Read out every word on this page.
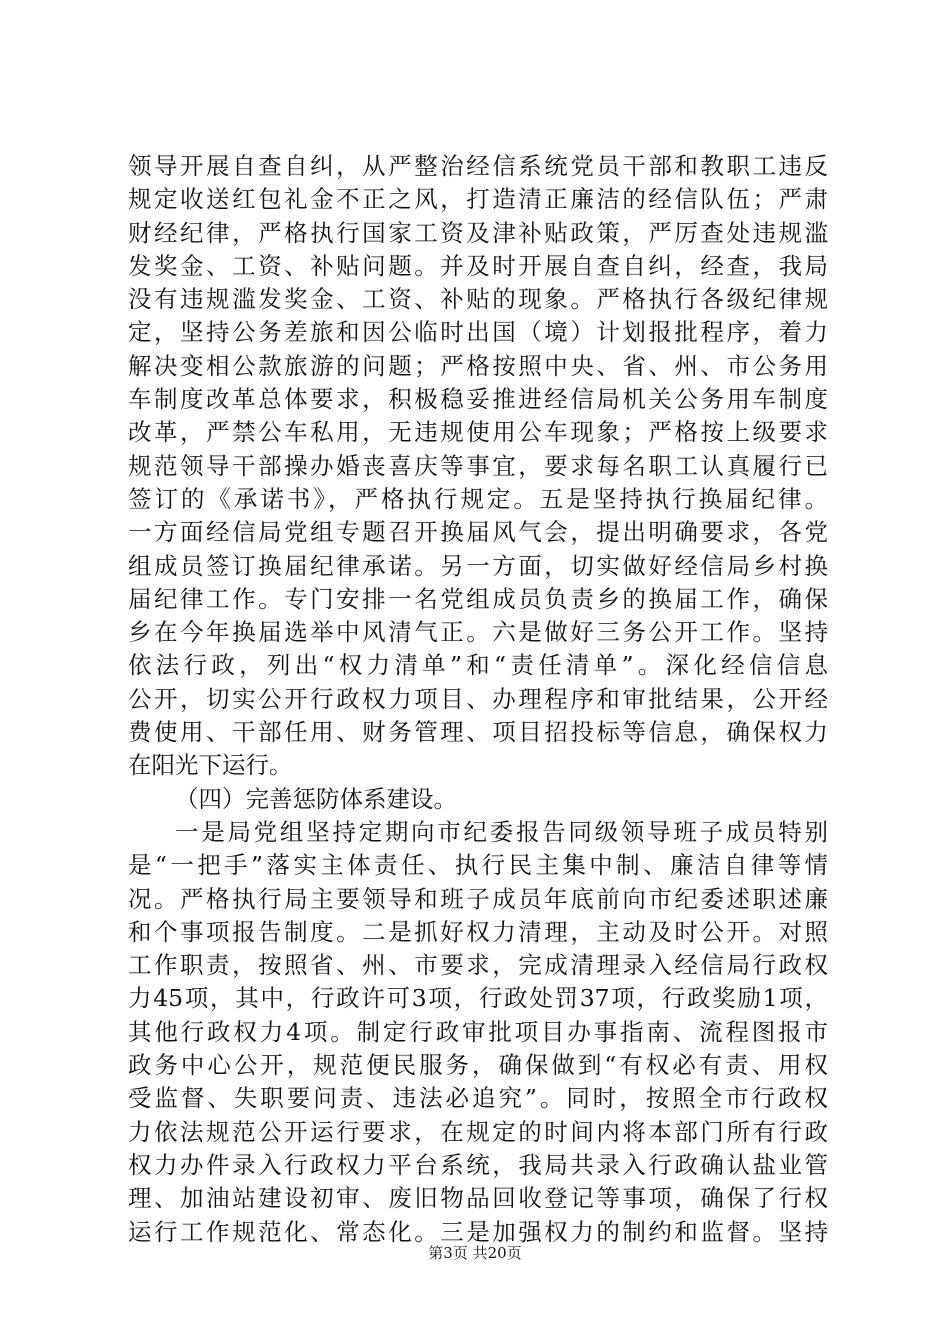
领导开展自查自纠，从严整治经信系统党员干部和教职工违反
规定收送红包礼金不正之风，打造清正廉洁的经信队伍；严肃
财经纪律，严格执行国家工资及津补贴政策，严厉查处违规滥
发奖金、工资、补贴问题。并及时开展自查自纠，经查，我局
没有违规滥发奖金、工资、补贴的现象。严格执行各级纪律规
定，坚持公务差旅和因公临时出国（境）计划报批程序，着力
解决变相公款旅游的问题；严格按照中央、省、州、市公务用
车制度改革总体要求，积极稳妥推进经信局机关公务用车制度
改革，严禁公车私用，无违规使用公车现象；严格按上级要求
规范领导干部操办婚丧喜庆等事宜，要求每名职工认真履行已
签订的《承诺书》，严格执行规定。五是坚持执行换届纪律。
一方面经信局党组专题召开换届风气会，提出明确要求，各党
组成员签订换届纪律承诺。另一方面，切实做好经信局乡村换
届纪律工作。专门安排一名党组成员负责乡的换届工作，确保
乡在今年换届选举中风清气正。六是做好三务公开工作。坚持
依法行政，列出“权力清单”和“责任清单”。深化经信信息
公开，切实公开行政权力项目、办理程序和审批结果，公开经
费使用、干部任用、财务管理、项目招投标等信息，确保权力
在阳光下运行。
（四）完善惩防体系建设。
一是局党组坚持定期向市纪委报告同级领导班子成员特别
是“一把手”落实主体责任、执行民主集中制、廉洁自律等情
况。严格执行局主要领导和班子成员年底前向市纪委述职述廉
和个事项报告制度。二是抓好权力清理，主动及时公开。对照
工作职责，按照省、州、市要求，完成清理录入经信局行政权
力45项，其中，行政许可3项，行政处罚37项，行政奖励1项，
其他行政权力4项。制定行政审批项目办事指南、流程图报市
政务中心公开，规范便民服务，确保做到“有权必有责、用权
受监督、失职要问责、违法必追究”。同时，按照全市行政权
力依法规范公开运行要求，在规定的时间内将本部门所有行政
权力办件录入行政权力平台系统，我局共录入行政确认盐业管
理、加油站建设初审、废旧物品回收登记等事项，确保了行权
运行工作规范化、常态化。三是加强权力的制约和监督。坚持
第3页 共20页
